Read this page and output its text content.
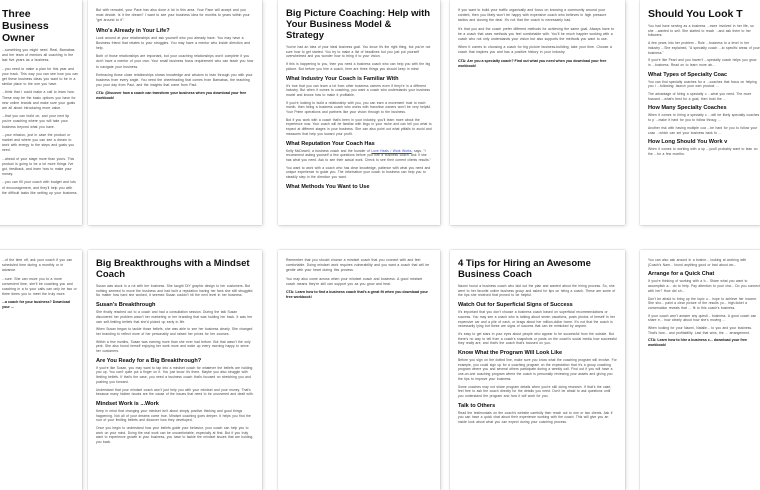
Three Business Owner

...something you might need. Real, Barnabas and her team of mentors all coaching in the last five years as a business.

...you need to make a plan for this year and your track. This way you can see how you can get these business ideas you want to be in a similar place to the one you have.

...think that I could make a call to learn how. These may be the basic options you have for new online brands and make sure your goals are all about introducing more value.

...that you can build on, and your next tip you're coaching where you will take your business beyond what you have.

...your mission, just in case the product or market and where you can see a dream to work with energy to the steps and goals you need.

...ahead of your stage more than yours. This product is going to be a lot more things I've got, feedback, and learn how to make your money.

...you can fill your coach with budget and lots of encouragement, and they'll help you with the difficult tasks like setting up your business.

But with remodel, your Pace has also done a lot in this area. Your Pace will accept and you must decide. Is it the dream? I want to see your business idea for months to years within your "get around to it".

Who's Already in Your Life?

Look around at your relationships and ask yourself who you already have. You may have a Business friend that relates to your struggles. You may have a mentor who inside direction and help.

Both of those relationships are important, but your coaching relationships won't complete if you don't have a mentor of your own. Your small business focus requirement who can teach you how to navigate your business.

Embracing those close relationships shows knowledge and wisdom to lean through you with your business from every angle. You need the cheerleading that comes from Barnabas, the teaching you your day from Paul, and the insights that come from Paul.

CTA: (Discover how a coach can transform your business when you download your free workbook!

Big Picture Coaching: Help with Your Business Model & Strategy

You've had an idea of your ideal business goal. You know it's the right thing, but you're not sure how to get started. You try to make a list of headlines but you just put yourself overwhelmed and you wonder how to bring it to your vision.

If this is happening to you, then you need a business coach who can help you with the big picture. But before you hire a coach, here are three things you should keep in mind:

What Industry Your Coach is Familiar With

It's true that you can learn a lot from other business owners even if they're in a different industry. But when it comes to coaching, you want a coach who understands your business model and knows how to make it profitable.

If you're looking to build a relationship with you, you can earn a movement trust to each month, then hiring a business coach who works with franchise owners won't be very helpful. Your Prime operations and partners like your vision through to the business.

But if you work with a coach that's been in your industry, you'll learn more about the experience now. Your coach will be familiar with lingo in your niche and can tell you what to expect at different stages in your business. She can also point out what pitfalls to avoid and measures that help you toward your profit.

What Reputation Your Coach Has

Kelly McDowell, a business coach and the founder of Love Heals / Work Works, says, "I recommend asking yourself a few questions before you hire a business coach. Ask if she has what you need. Ask to see their actual work. Check to see their current clients results."

You want to work with a coach who has clear knowledge, patience with what you need and unique experience to guide you. The information your coach to business can help you to steadily step in the direction you want.

What Methods You Want to Use

If you want to build your traffic organically and focus on knowing a community around your content, then you likely won't be happy with expensive coach who believes in high pressure tactics and closing the deal. It's not that the coach is necessarily bad.

It's that you and the coach prefer different methods for achieving the same goal. Always have to be a coach that uses methods you feel comfortable with. You'll be much happier working with a coach who not only understands your vision but also supports the methods you want to use.

When it comes to choosing a coach for big picture business-building, take your time. Choose a coach that inspires you and has a positive history in your industry.

CTA: Are you a specialty coach? Find out what you need when you download your free workbook!

Should You Look T

You had have serving as a business ...more involved in her life, so she ...wanted to sell. She started to reach ...and ask them to her followers.

A few years into her problem - Rule ...business to a level in her industry ...She explained, "A specialty coach ...to specific areas of your business."

If you're like Pearl and you haven't ...specialty coach helps you grow in ...business. Read on to learn more ab...

What Types of Specialty Coac

You can find specialty coaches for a ...coaches that focus on helping you i ...following: launch your own product ...

The advantage of hiring a specialty c ...what you need. The more focused ...what's best for a goal, then trust the ...

How Many Specialty Coaches

When it comes to hiring a specialty c ...will be likely specialty coaches to p ...make it hard for you to follow throug ...

Another risk with having multiple coa ...be hard for you to follow your coac ...which can set your business back fo ...

How Long Should You Work v

When it comes to working with a sp ...you'll probably want to lean on the ...for a few months.

...of the time off, ask your coach if you can scheduled time during a monthly or in advance.

...sure. She can move you to a more convenient time, she'll be coaching you and coaching in a to your calls can only be two or three times you to meet the truly more.

...a coach for your business? Download your ...

Big Breakthroughs with a Mindset Coach

Susan was stuck in a rut with her business. She taught DIY graphic design to her customers. But nothing seemed to move the business and had built a reputation having her fans she still struggled. No matter how hard she worked, it seemed Susan couldn't hit the next level in her business.

Susan's Breakthrough

She finally reached out to a coach and had a consultation session. During the talk Susan discovered her problem wasn't her marketing or her branding that was holding her back. It was her own self-limiting beliefs that she'd picked up early in life.

When Susan began to tackle those beliefs, she was able to see her business clearly. She changed her branding to reflect more of her personality and raised her prices for her courses.

Within a few months, Susan was earning more than she ever had before. But that wasn't the only perk. She also found herself enjoying her work more and woke up every morning happy to serve her customers.

Are You Ready for a Big Breakthrough?

If you're like Susan, you may want to tap into a mindset coach for whatever the beliefs are holding you up. You can't quite put a finger on it. You just know it's there. Maybe you also struggle with limiting beliefs. If that's the case, you need a business coach that's focused on stretching you and pushing you forward.

Understand that your mindset coach won't just help you with your mindset and your money. That's because many hidden issues are the cause of the issues that need to be uncovered and dealt with.

Mindset Work is ...Work

Keep in mind that changing your mindset isn't about simply positive thinking and good things happening. Not all of your dreams come true. Mindset coaching goes deeper. It helps you find the root of your limiting beliefs and discover how they developed.

Once you begin to understand how your beliefs guide your behavior, your coach can help you to work on your mind. Doing the real work can be uncomfortable, especially at first. But if you truly want to experience growth in your business, you have to tackle the mindset issues that are holding you back.

Remember that you should choose a mindset coach that you connect with and feel comfortable. Doing mindset work requires vulnerability and you want a coach that will be gentle with your heart during this process.

You may also come across when your mindset coach and business. A good mindset coach means they're still can support you as you grow and heal.

CTA: Learn how to find a business coach that's a great fit when you download your free workbook!

4 Tips for Hiring an Awesome Business Coach

Naomi found a business coach who laid out the plan and wanted about the hiring process. So, she went to her favorite online business group and asked for tips on hiring a coach. These are some of the tips she received that proved to be helpful.

Watch Out for Superficial Signs of Success

It's important that you don't choose a business coach based on superficial recommendations or success. You may see a coach who is talking about seven vacations, posts photos of herself in her expensive car and a pile of cash, or brags about her million-dollar home. It's not that the coach is necessarily lying but these are signs of success that can be mimicked by anyone.

It's easy to get stars in your eyes about people who appear to be successful from the outside. But there's no way to tell from a coach's snapshots or posts on the coach's social media how successful they really are, and that's the coach that's focused on you.

Know What the Program Will Look Like

Before you sign on the dotted line, make sure you know what the coaching program will involve. For example, you could sign up for a coaching program on the expectation that it's a group coaching program where you and several others participate during a weekly call. Find out if you will have a one-on-one coaching program where the coach is personally reviewing your assets and giving you the tips to improve your business.

Some coaches may not share program details when you're still doing research. If that's the case, feel free to ask the coach directly for the details you need. Don't be afraid to ask questions until you understand the program and how it will work for you.

Talk to Others

Read the testimonials on the coach's website carefully then reach out to one or two clients. Ask if you can have a quick chat about their experience working with the coach. This will give you an inside look about what you can expect during your coaching process.

You can also ask around in a busine... looking at working with (Coach's Nam... found anything good or bad about wo...

Arrange for a Quick Chat

If you're thinking of working with a b... Share what you want to accomplish a... do to help. Pay attention to your cha... Do you connect with her? How did sh...

Don't be afraid to bring up the topic o... hope to achieve her income. She sho... paint a clear picture of the results yo... high-ticket a conversation reveals that ... fit to this coach's business.

If your coach won't answer any questi... business. A good coach can share e... how clearly about how she's moving ...

When looking for your Naomi, Natalie... to you and your business. That's how... and profitability. Last that wins, the ... arrangement.

CTA: Learn how to hire a business c... download your free workbook!
